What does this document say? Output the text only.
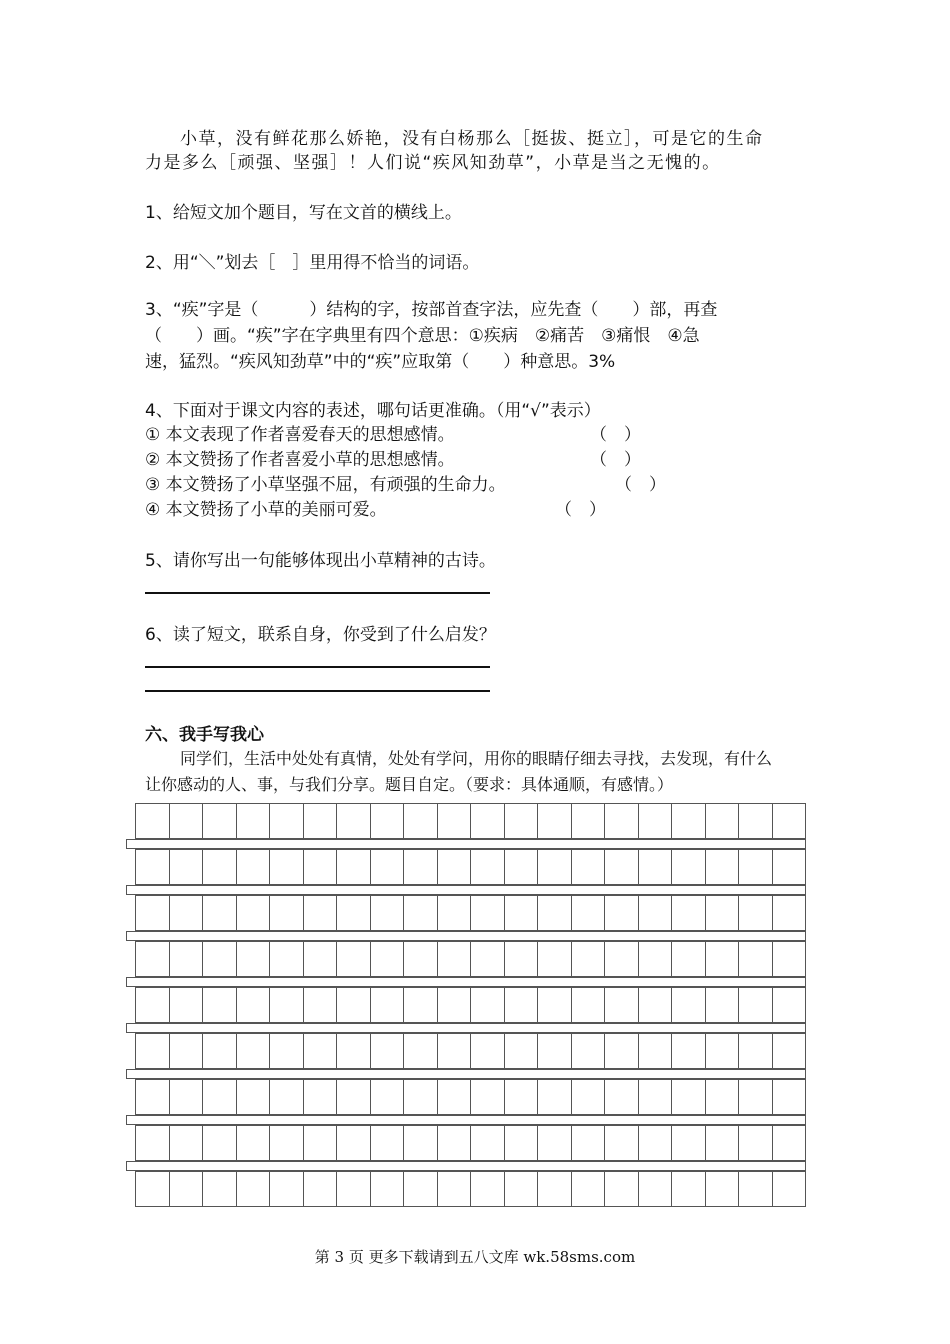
小草，没有鲜花那么娇艳，没有白杨那么［挺拔、挺立］，可是它的生命
力是多么［顽强、坚强］！人们说“疾风知劲草”，小草是当之无愧的。
1、给短文加个题目，写在文首的横线上。
2、用“＼”划去［　］里用得不恰当的词语。
3、“疾”字是（　　　）结构的字，按部首查字法，应先查（　　）部，再查
（　　）画。“疾”字在字典里有四个意思：①疾病　②痛苦　③痛恨　④急
速，猛烈。“疾风知劲草”中的“疾”应取第（　　）种意思。3%
4、下面对于课文内容的表述，哪句话更准确。（用“√”表示）
① 本文表现了作者喜爱春天的思想感情。	（　）
② 本文赞扬了作者喜爱小草的思想感情。	（　）
③ 本文赞扬了小草坚强不屈，有顽强的生命力。	（　）
④ 本文赞扬了小草的美丽可爱。	（　）
5、请你写出一句能够体现出小草精神的古诗。
6、读了短文，联系自身，你受到了什么启发？
六、我手写我心
同学们，生活中处处有真情，处处有学问，用你的眼睛仔细去寻找，去发现，有什么
让你感动的人、事，与我们分享。题目自定。（要求：具体通顺，有感情。）
第 3 页 更多下载请到五八文库 wk.58sms.com
